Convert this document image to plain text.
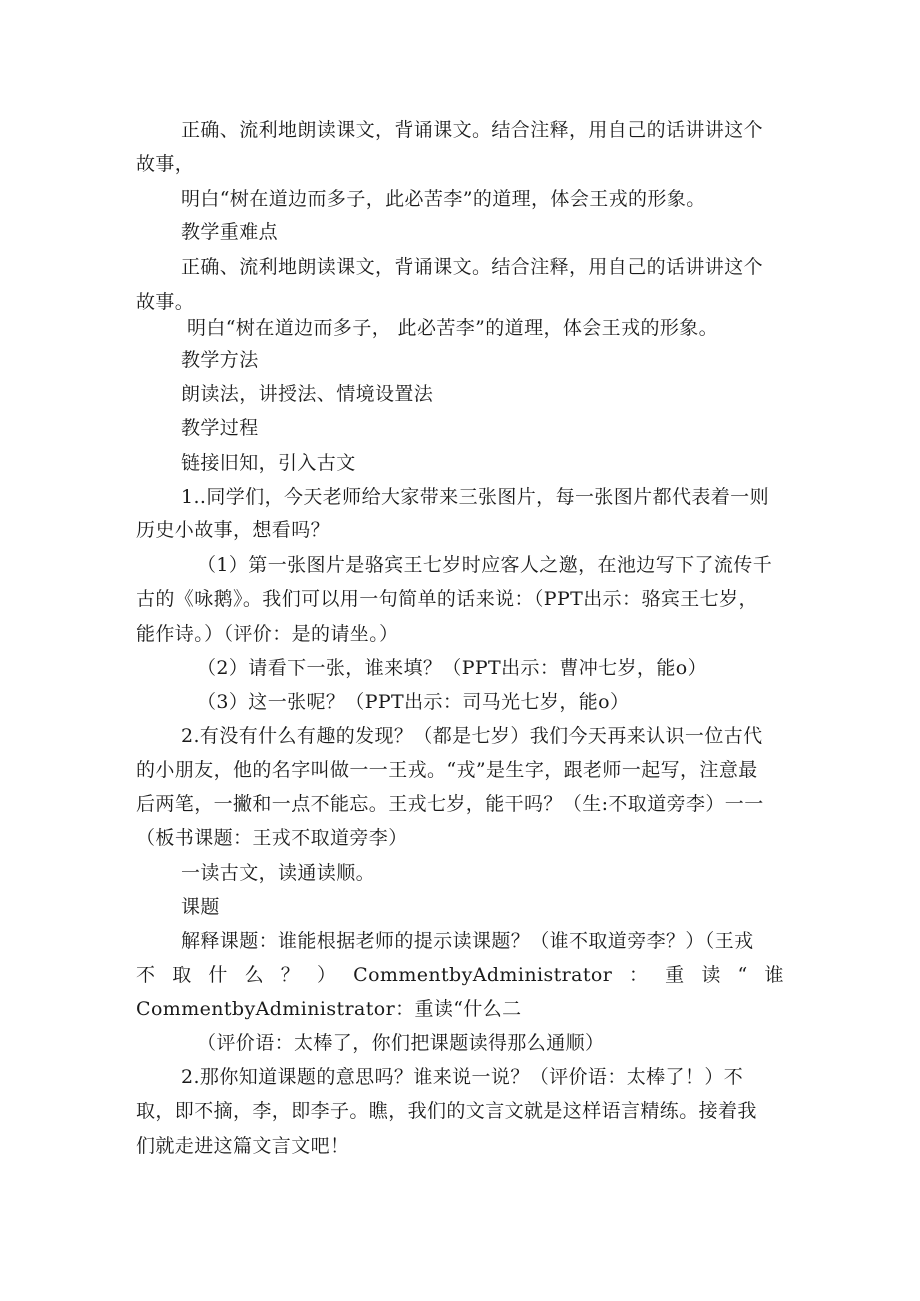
正确、流利地朗读课文，背诵课文。结合注释，用自己的话讲讲这个
故事，
明白“树在道边而多子，此必苦李”的道理，体会王戎的形象。
教学重难点
正确、流利地朗读课文，背诵课文。结合注释，用自己的话讲讲这个
故事。
明白“树在道边而多子， 此必苦李”的道理，体会王戎的形象。
教学方法
朗读法，讲授法、情境设置法
教学过程
链接旧知，引入古文
1..同学们，今天老师给大家带来三张图片，每一张图片都代表着一则
历史小故事，想看吗？
（1）第一张图片是骆宾王七岁时应客人之邀，在池边写下了流传千
古的《咏鹅》。我们可以用一句简单的话来说：（PPT出示：骆宾王七岁，
能作诗。）（评价：是的请坐。）
（2）请看下一张，谁来填？（PPT出示：曹冲七岁，能o）
（3）这一张呢？（PPT出示：司马光七岁，能o）
2.有没有什么有趣的发现？（都是七岁）我们今天再来认识一位古代
的小朋友，他的名字叫做一一王戎。“戎”是生字，跟老师一起写，注意最
后两笔，一撇和一点不能忘。王戎七岁，能干吗？（生:不取道旁李）一一
（板书课题：王戎不取道旁李）
一读古文，读通读顺。
课题
解释课题：谁能根据老师的提示读课题？（谁不取道旁李？）（王戎
不 取 什 么 ？ ） CommentbyAdministrator ： 重 读 “ 谁
CommentbyAdministrator：重读“什么二
（评价语：太棒了，你们把课题读得那么通顺）
2.那你知道课题的意思吗？谁来说一说？（评价语：太棒了！）不
取，即不摘，李，即李子。瞧，我们的文言文就是这样语言精练。接着我
们就走进这篇文言文吧！
